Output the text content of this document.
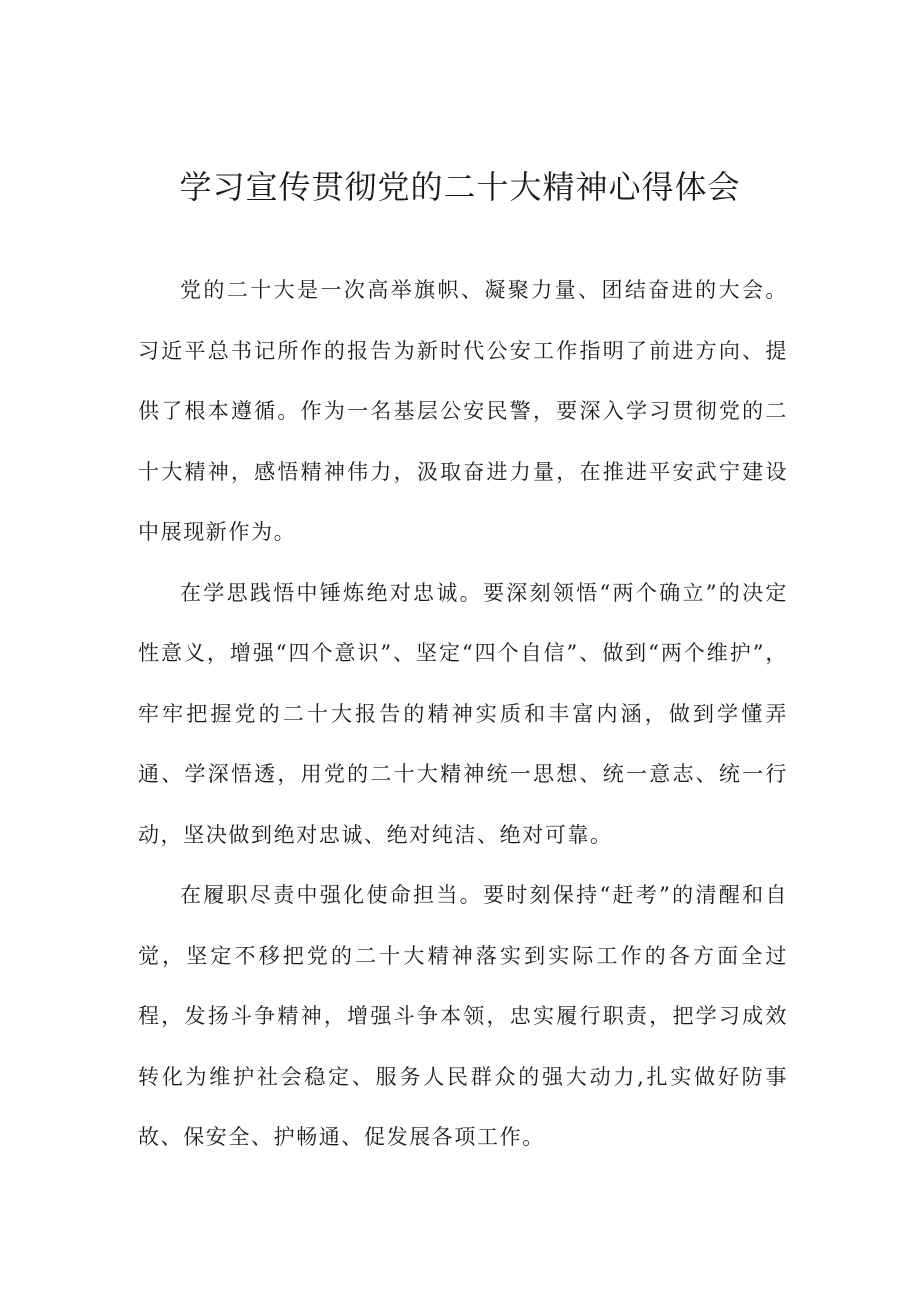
学习宣传贯彻党的二十大精神心得体会

党的二十大是一次高举旗帜、凝聚力量、团结奋进的大会。习近平总书记所作的报告为新时代公安工作指明了前进方向、提供了根本遵循。作为一名基层公安民警，要深入学习贯彻党的二十大精神，感悟精神伟力，汲取奋进力量，在推进平安武宁建设中展现新作为。

在学思践悟中锤炼绝对忠诚。要深刻领悟“两个确立”的决定性意义，增强“四个意识”、坚定“四个自信”、做到“两个维护”，牢牢把握党的二十大报告的精神实质和丰富内涵，做到学懂弄通、学深悟透，用党的二十大精神统一思想、统一意志、统一行动，坚决做到绝对忠诚、绝对纯洁、绝对可靠。

在履职尽责中强化使命担当。要时刻保持“赶考”的清醒和自觉，坚定不移把党的二十大精神落实到实际工作的各方面全过程，发扬斗争精神，增强斗争本领，忠实履行职责，把学习成效转化为维护社会稳定、服务人民群众的强大动力,扎实做好防事故、保安全、护畅通、促发展各项工作。
